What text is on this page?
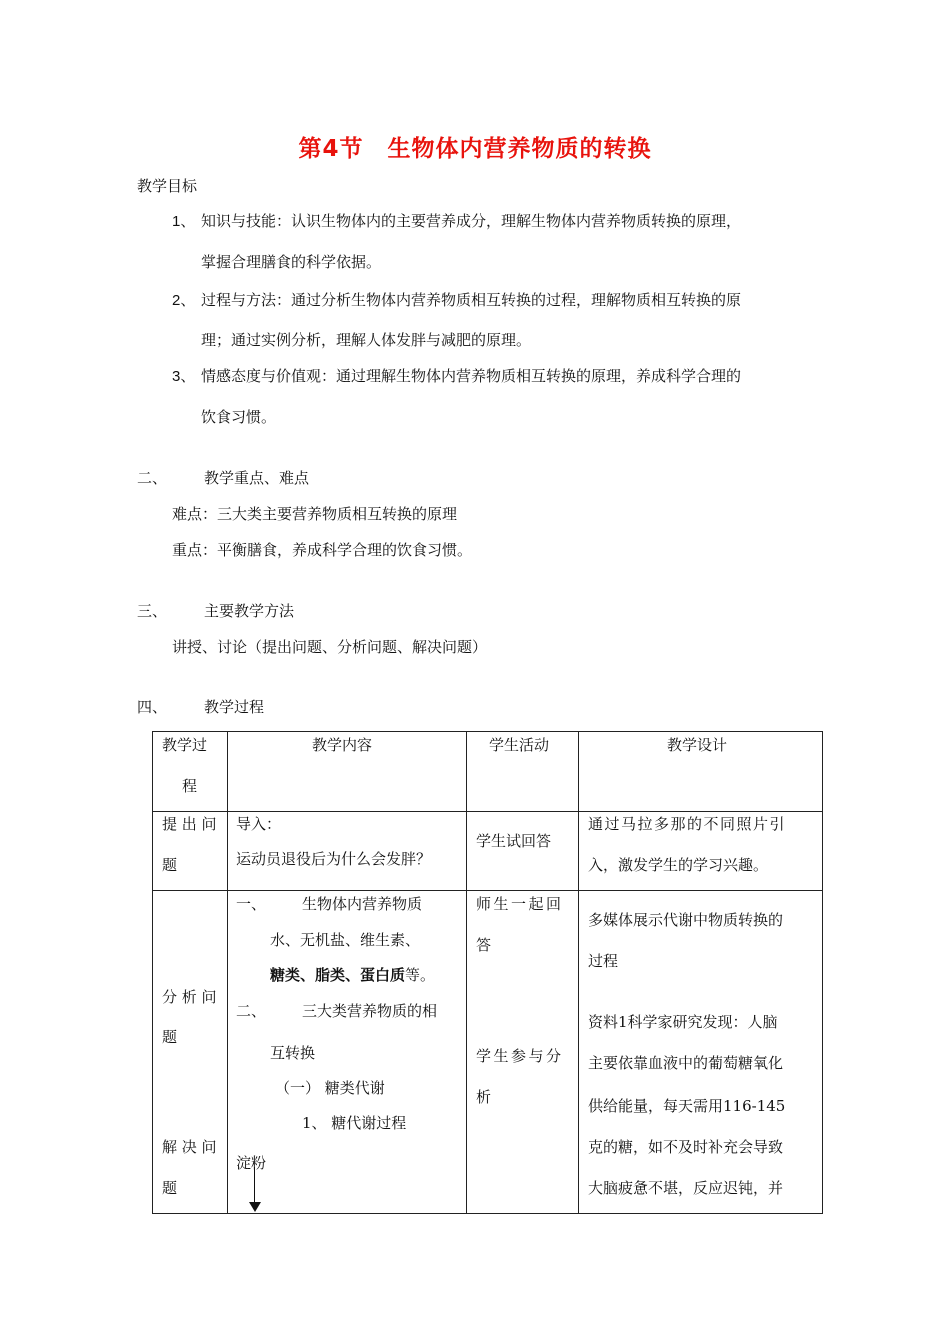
第4节　生物体内营养物质的转换
教学目标
1、 知识与技能：认识生物体内的主要营养成分，理解生物体内营养物质转换的原理，
掌握合理膳食的科学依据。
2、 过程与方法：通过分析生物体内营养物质相互转换的过程，理解物质相互转换的原
理；通过实例分析，理解人体发胖与减肥的原理。
3、 情感态度与价值观：通过理解生物体内营养物质相互转换的原理，养成科学合理的
饮食习惯。
二、 教学重点、难点
难点：三大类主要营养物质相互转换的原理
重点：平衡膳食，养成科学合理的饮食习惯。
三、 主要教学方法
讲授、讨论（提出问题、分析问题、解决问题）
四、 教学过程
教学过
程
教学内容	学生活动	教学设计
提 出 问
题
导入：
运动员退役后为什么会发胖？
学生试回答
通过马拉多那的不同照片引
入，激发学生的学习兴趣。
分 析 问
题
解 决 问
题
一、 生物体内营养物质
水、无机盐、维生素、
糖类、脂类、蛋白质等。
二、 三大类营养物质的相
互转换
（一） 糖类代谢
1、 糖代谢过程
淀粉
师生一起回
答
学生参与分
析
多媒体展示代谢中物质转换的
过程
资料1科学家研究发现：人脑
主要依靠血液中的葡萄糖氧化
供给能量，每天需用116-145
克的糖，如不及时补充会导致
大脑疲惫不堪，反应迟钝，并
